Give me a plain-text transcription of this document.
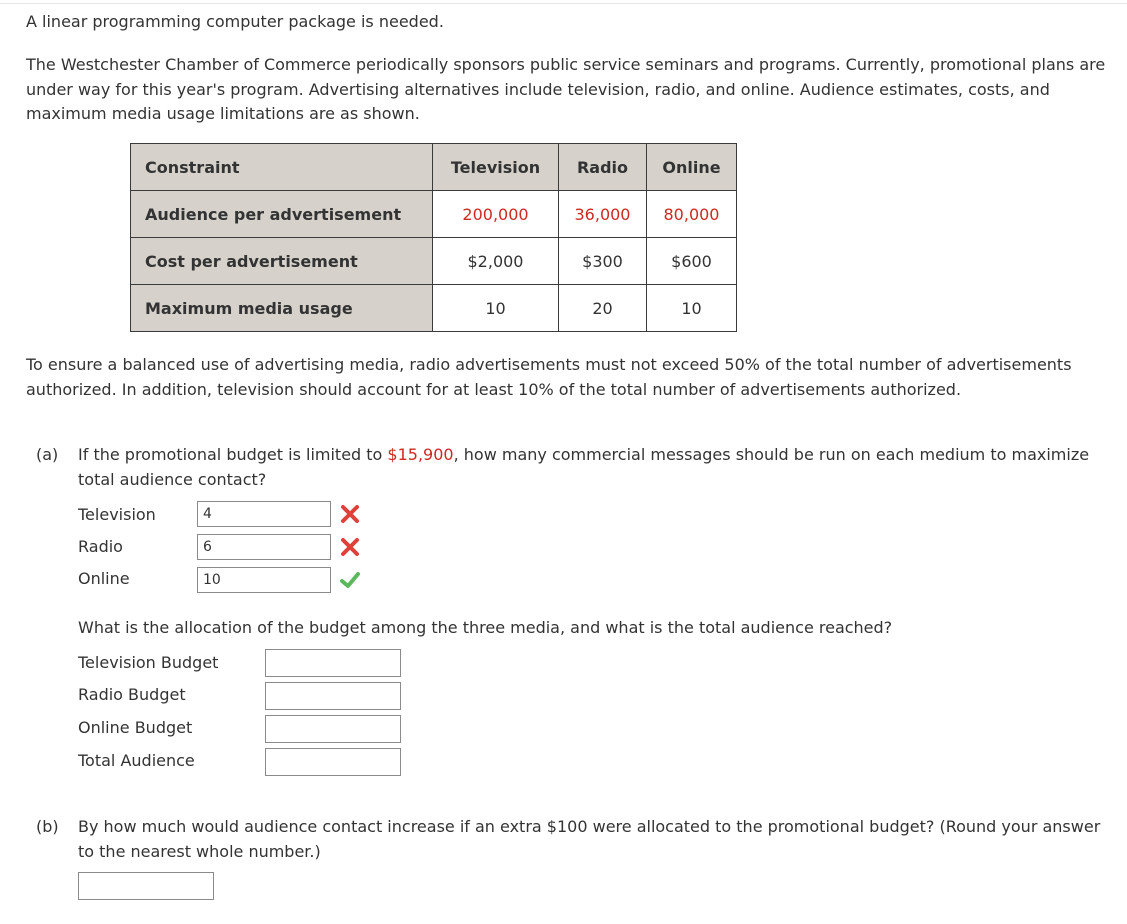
A linear programming computer package is needed.

The Westchester Chamber of Commerce periodically sponsors public service seminars and programs. Currently, promotional plans are under way for this year's program. Advertising alternatives include television, radio, and online. Audience estimates, costs, and maximum media usage limitations are as shown.

Constraint	Television	Radio	Online
Audience per advertisement	200,000	36,000	80,000
Cost per advertisement	$2,000	$300	$600
Maximum media usage	10	20	10

To ensure a balanced use of advertising media, radio advertisements must not exceed 50% of the total number of advertisements authorized. In addition, television should account for at least 10% of the total number of advertisements authorized.

(a) If the promotional budget is limited to $15,900, how many commercial messages should be run on each medium to maximize total audience contact?
Television	4
Radio	6
Online	10
What is the allocation of the budget among the three media, and what is the total audience reached?
Television Budget
Radio Budget
Online Budget
Total Audience
(b) By how much would audience contact increase if an extra $100 were allocated to the promotional budget? (Round your answer to the nearest whole number.)
